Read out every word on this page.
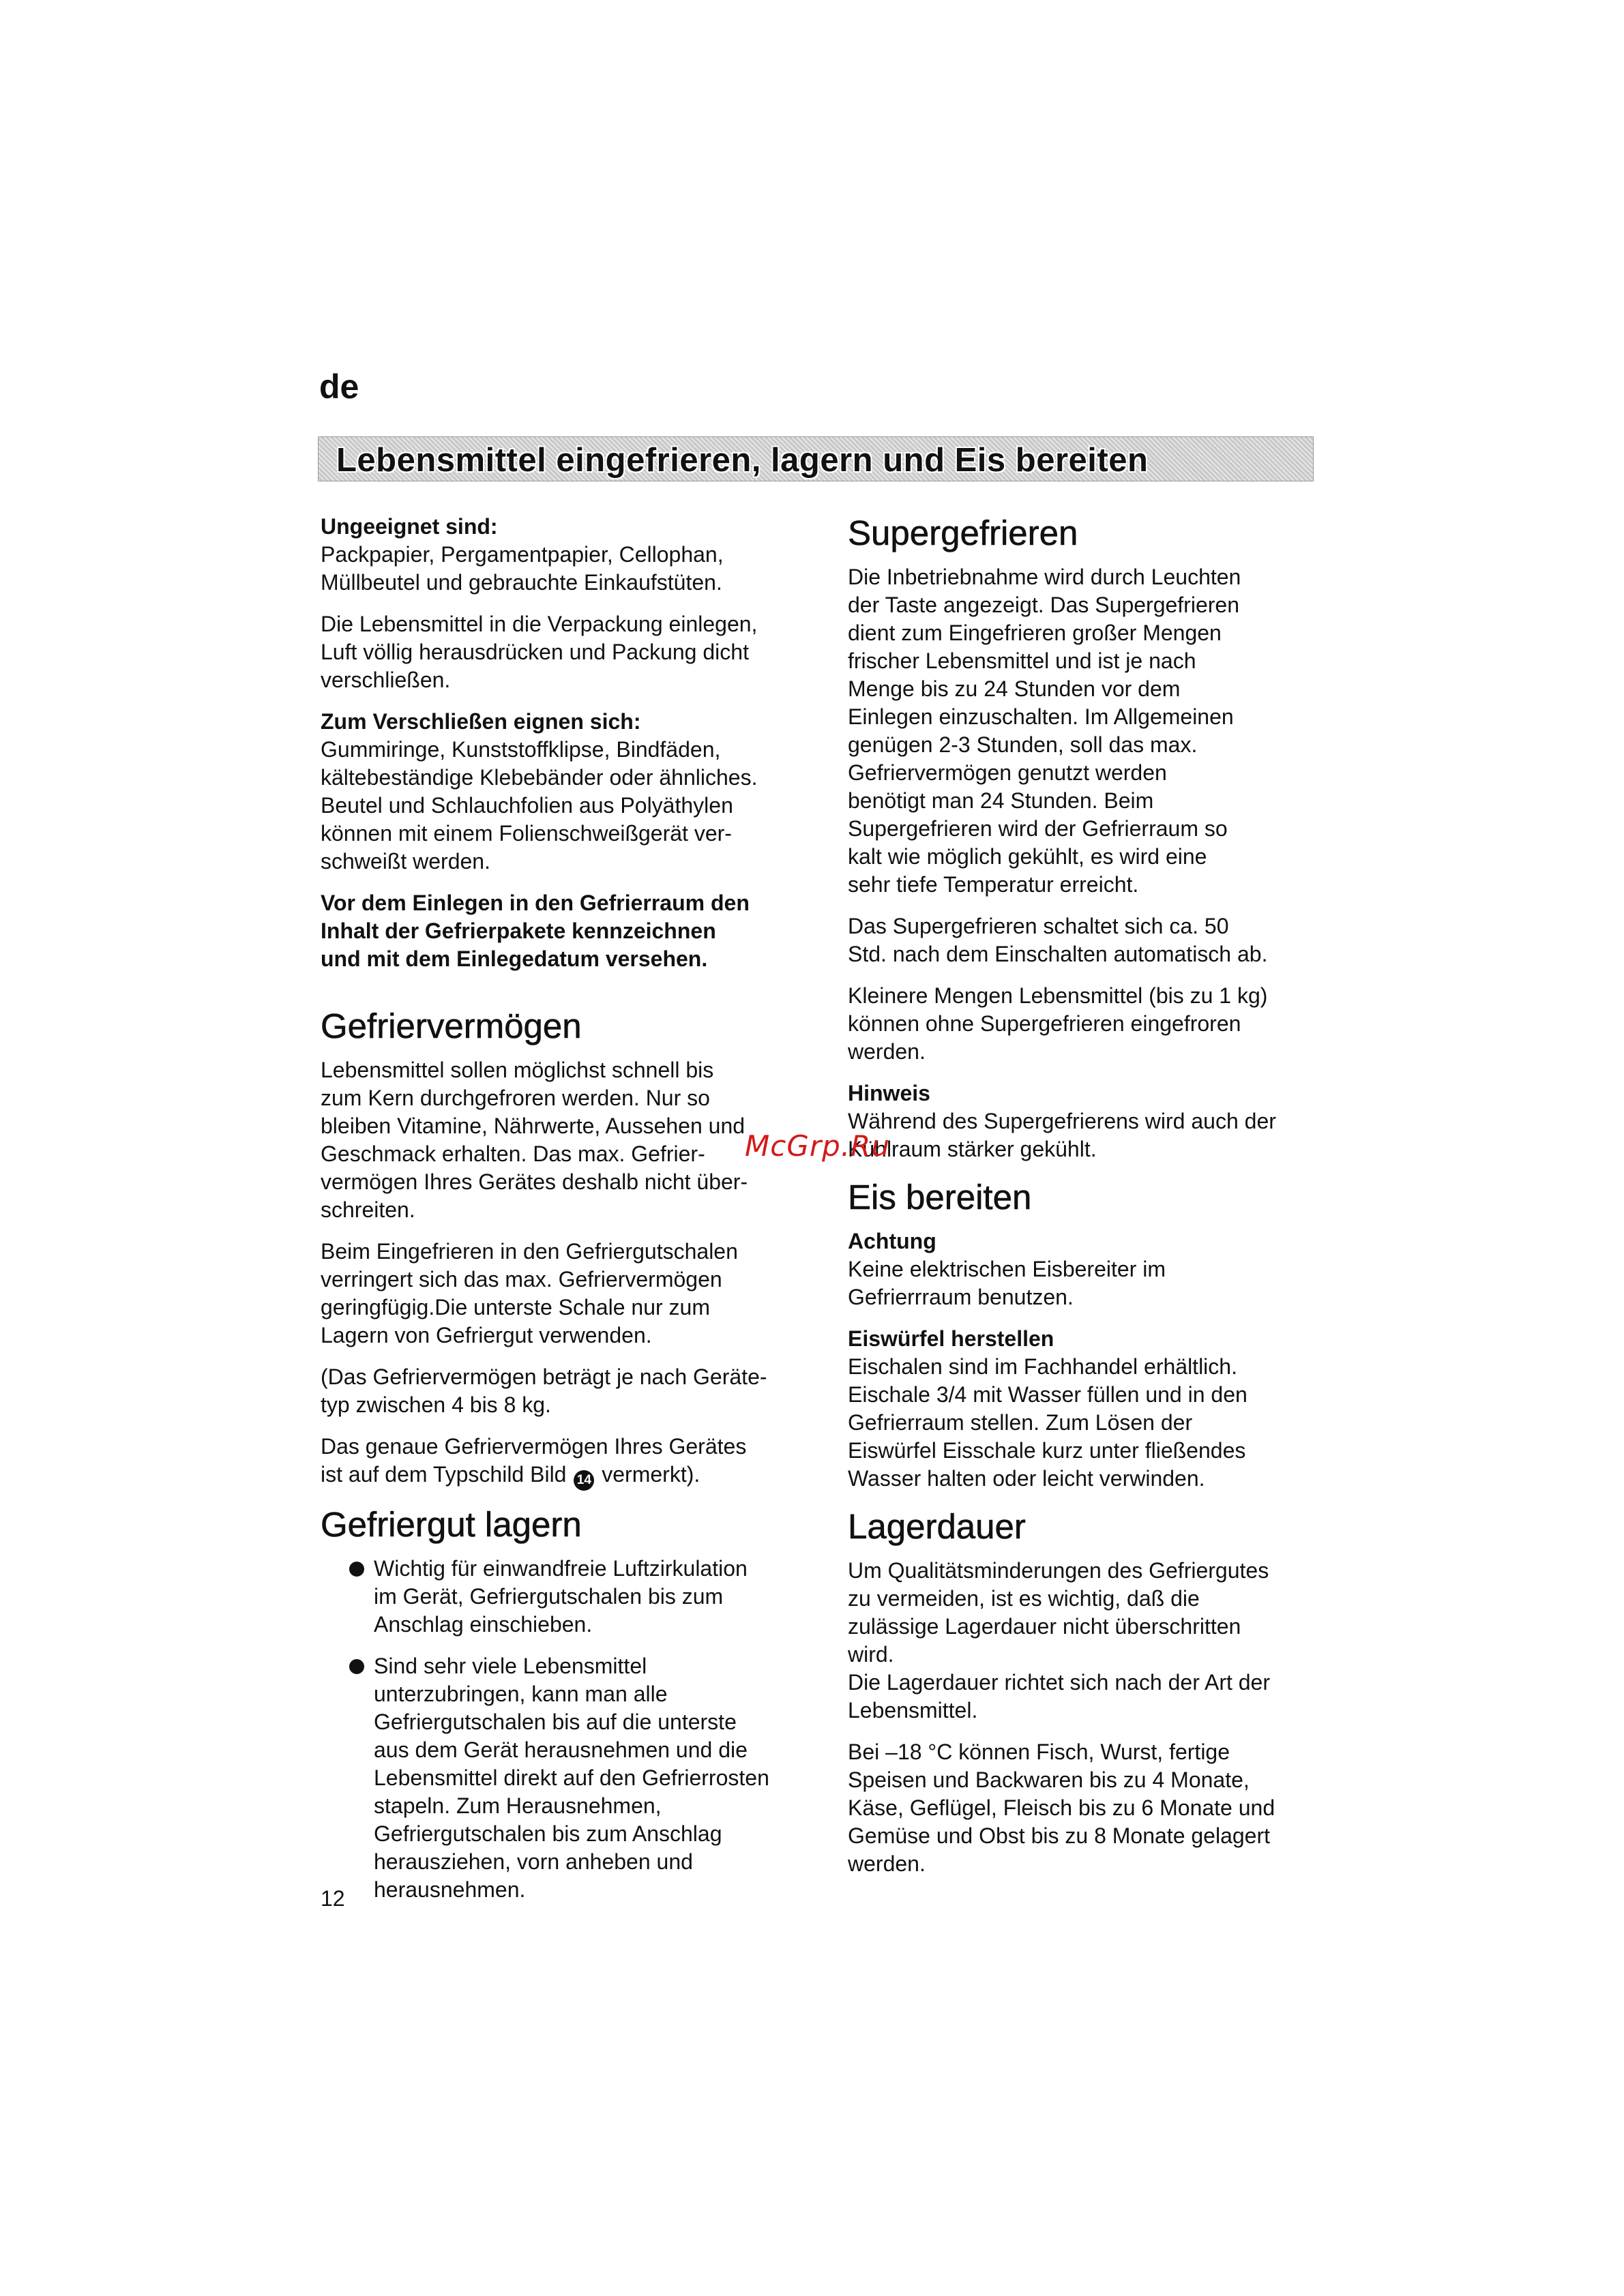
de
Lebensmittel eingefrieren, lagern und Eis bereiten
Ungeeignet sind:
Packpapier, Pergamentpapier, Cellophan,
Müllbeutel und gebrauchte Einkaufstüten.
Die Lebensmittel in die Verpackung einlegen,
Luft völlig herausdrücken und Packung dicht
verschließen.
Zum Verschließen eignen sich:
Gummiringe, Kunststoffklipse, Bindfäden,
kältebeständige Klebebänder oder ähnliches.
Beutel und Schlauchfolien aus Polyäthylen
können mit einem Folienschweißgerät ver-
schweißt werden.
Vor dem Einlegen in den Gefrierraum den
Inhalt der Gefrierpakete kennzeichnen
und mit dem Einlegedatum versehen.
Gefriervermögen
Lebensmittel sollen möglichst schnell bis
zum Kern durchgefroren werden. Nur so
bleiben Vitamine, Nährwerte, Aussehen und
Geschmack erhalten. Das max. Gefrier-
vermögen Ihres Gerätes deshalb nicht über-
schreiten.
Beim Eingefrieren in den Gefriergutschalen
verringert sich das max. Gefriervermögen
geringfügig.Die unterste Schale nur zum
Lagern von Gefriergut verwenden.
(Das Gefriervermögen beträgt je nach Geräte-
typ zwischen 4 bis 8 kg.
Das genaue Gefriervermögen Ihres Gerätes
ist auf dem Typschild Bild 14 vermerkt).
Gefriergut lagern
Wichtig für einwandfreie Luftzirkulation
im Gerät, Gefriergutschalen bis zum
Anschlag einschieben.
Sind sehr viele Lebensmittel
unterzubringen, kann man alle
Gefriergutschalen bis auf die unterste
aus dem Gerät herausnehmen und die
Lebensmittel direkt auf den Gefrierrosten
stapeln. Zum Herausnehmen,
Gefriergutschalen bis zum Anschlag
herausziehen, vorn anheben und
herausnehmen.
Supergefrieren
Die Inbetriebnahme wird durch Leuchten
der Taste angezeigt. Das Supergefrieren
dient zum Eingefrieren großer Mengen
frischer Lebensmittel und ist je nach
Menge bis zu 24 Stunden vor dem
Einlegen einzuschalten. Im Allgemeinen
genügen 2-3 Stunden, soll das max.
Gefriervermögen genutzt werden
benötigt man 24 Stunden. Beim
Supergefrieren wird der Gefrierraum so
kalt wie möglich gekühlt, es wird eine
sehr tiefe Temperatur erreicht.
Das Supergefrieren schaltet sich ca. 50
Std. nach dem Einschalten automatisch ab.
Kleinere Mengen Lebensmittel (bis zu 1 kg)
können ohne Supergefrieren eingefroren
werden.
Hinweis
Während des Supergefrierens wird auch der
Kühlraum stärker gekühlt.
Eis bereiten
Achtung
Keine elektrischen Eisbereiter im
Gefrierrraum benutzen.
Eiswürfel herstellen
Eischalen sind im Fachhandel erhältlich.
Eischale 3/4 mit Wasser füllen und in den
Gefrierraum stellen. Zum Lösen der
Eiswürfel Eisschale kurz unter fließendes
Wasser halten oder leicht verwinden.
Lagerdauer
Um Qualitätsminderungen des Gefriergutes
zu vermeiden, ist es wichtig, daß die
zulässige Lagerdauer nicht überschritten
wird.
Die Lagerdauer richtet sich nach der Art der
Lebensmittel.
Bei –18 °C können Fisch, Wurst, fertige
Speisen und Backwaren bis zu 4 Monate,
Käse, Geflügel, Fleisch bis zu 6 Monate und
Gemüse und Obst bis zu 8 Monate gelagert
werden.
12
McGrp.Ru
